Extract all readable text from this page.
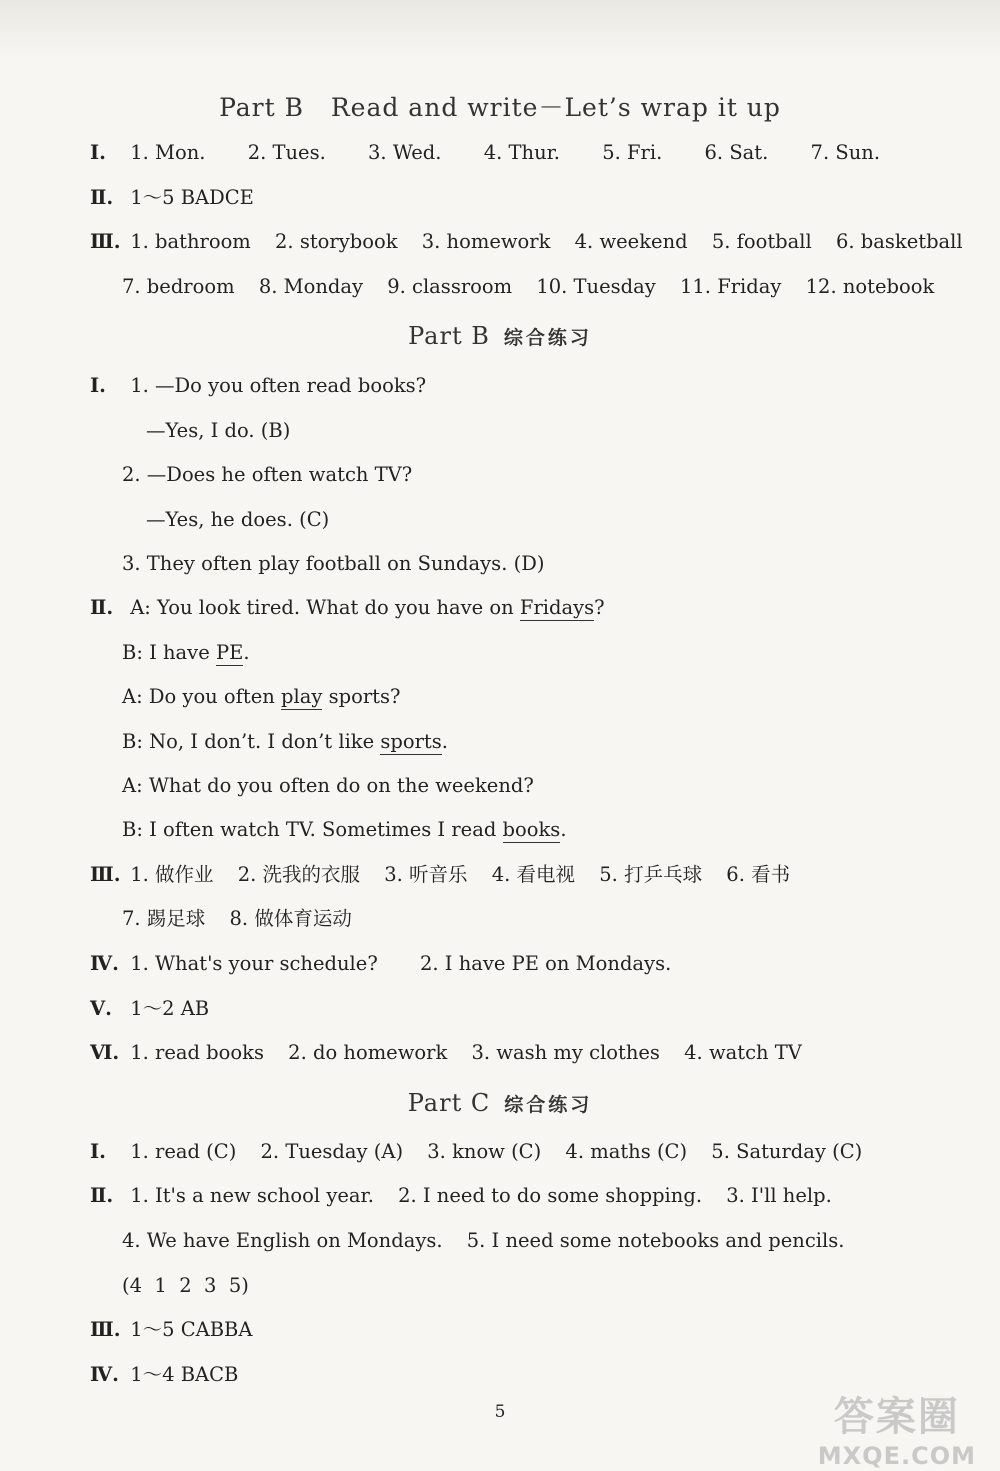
Part B   Read and write－Let’s wrap it up
Ⅰ. 1. Mon. 2. Tues. 3. Wed. 4. Thur. 5. Fri. 6. Sat. 7. Sun.
Ⅱ. 1～5 BADCE
Ⅲ. 1. bathroom 2. storybook 3. homework 4. weekend 5. football 6. basketball
7. bedroom 8. Monday 9. classroom 10. Tuesday 11. Friday 12. notebook
Part B 综合练习
Ⅰ. 1. —Do you often read books?
—Yes, I do. (B)
2. —Does he often watch TV?
—Yes, he does. (C)
3. They often play football on Sundays. (D)
Ⅱ. A: You look tired. What do you have on Fridays?
B: I have PE.
A: Do you often play sports?
B: No, I don’t. I don’t like sports.
A: What do you often do on the weekend?
B: I often watch TV. Sometimes I read books.
Ⅲ. 1. 做作业 2. 洗我的衣服 3. 听音乐 4. 看电视 5. 打乒乓球 6. 看书
7. 踢足球 8. 做体育运动
Ⅳ. 1. What's your schedule? 2. I have PE on Mondays.
Ⅴ. 1～2 AB
Ⅵ. 1. read books 2. do homework 3. wash my clothes 4. watch TV
Part C 综合练习
Ⅰ. 1. read (C) 2. Tuesday (A) 3. know (C) 4. maths (C) 5. Saturday (C)
Ⅱ. 1. It's a new school year. 2. I need to do some shopping. 3. I'll help.
4. We have English on Mondays. 5. I need some notebooks and pencils.
(4  1  2  3  5)
Ⅲ. 1～5 CABBA
Ⅳ. 1～4 BACB
5	答案圈
MXQE.COM
